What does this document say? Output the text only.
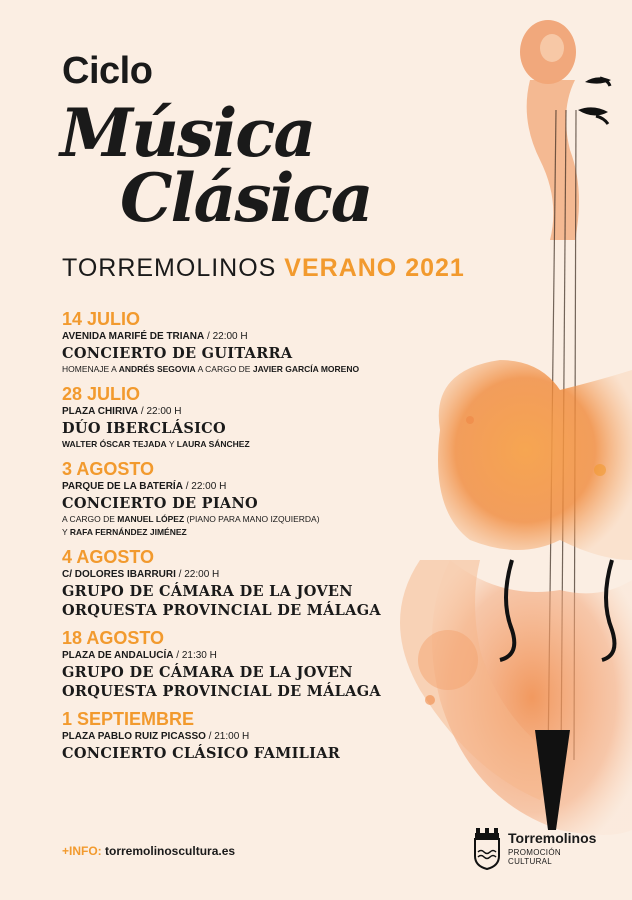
Ciclo
Música
Clásica
TORREMOLINOS VERANO 2021
14 JULIO
AVENIDA MARIFÉ DE TRIANA / 22:00 H
CONCIERTO DE GUITARRA
HOMENAJE A ANDRÉS SEGOVIA A CARGO DE JAVIER GARCÍA MORENO
28 JULIO
PLAZA CHIRIVA / 22:00 H
DÚO IBERCLÁSICO
WALTER ÓSCAR TEJADA Y LAURA SÁNCHEZ
3 AGOSTO
PARQUE DE LA BATERÍA / 22:00 H
CONCIERTO DE PIANO
A CARGO DE MANUEL LÓPEZ (PIANO PARA MANO IZQUIERDA)
Y RAFA FERNÁNDEZ JIMÉNEZ
4 AGOSTO
C/ DOLORES IBARRURI / 22:00 H
GRUPO DE CÁMARA DE LA JOVEN
ORQUESTA PROVINCIAL DE MÁLAGA
18 AGOSTO
PLAZA DE ANDALUCÍA / 21:30 H
GRUPO DE CÁMARA DE LA JOVEN
ORQUESTA PROVINCIAL DE MÁLAGA
1 SEPTIEMBRE
PLAZA PABLO RUIZ PICASSO / 21:00 H
CONCIERTO CLÁSICO FAMILIAR
+INFO: torremolinoscultura.es
Torremolinos
PROMOCIÓN CULTURAL
